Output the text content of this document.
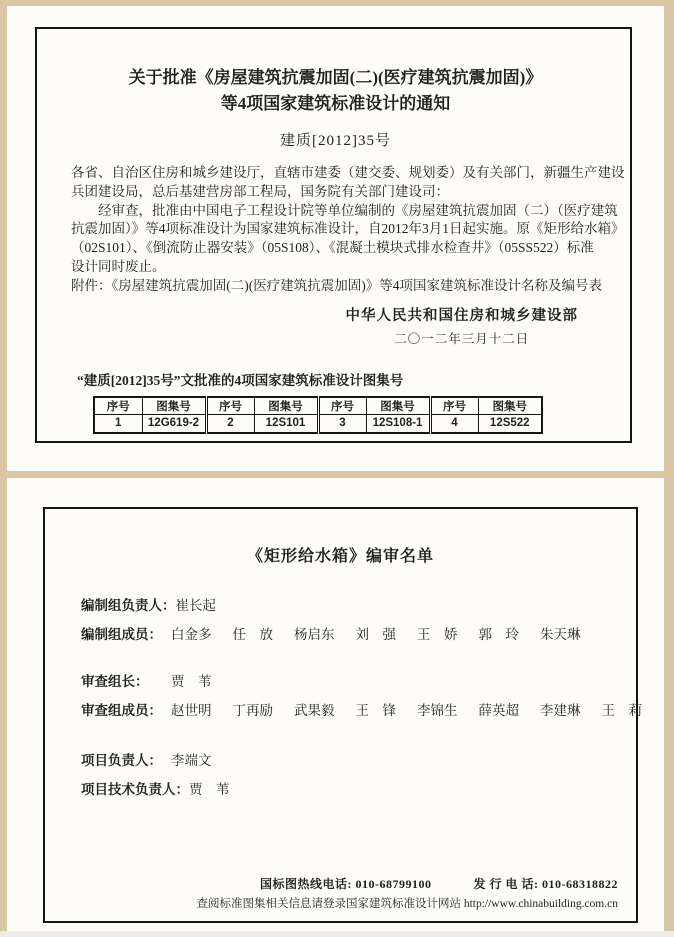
关于批准《房屋建筑抗震加固(二)(医疗建筑抗震加固)》
等4项国家建筑标准设计的通知
建质[2012]35号
各省、自治区住房和城乡建设厅，直辖市建委（建交委、规划委）及有关部门，新疆生产建设
兵团建设局，总后基建营房部工程局，国务院有关部门建设司：
　　经审查，批准由中国电子工程设计院等单位编制的《房屋建筑抗震加固（二）（医疗建筑
抗震加固）》等4项标准设计为国家建筑标准设计，自2012年3月1日起实施。原《矩形给水箱》
（02S101）、《倒流防止器安装》（05S108）、《混凝土模块式排水检查井》（05SS522）标准
设计同时废止。
附件：《房屋建筑抗震加固(二)(医疗建筑抗震加固)》等4项国家建筑标准设计名称及编号表
中华人民共和国住房和城乡建设部
二〇一二年三月十二日
“建质[2012]35号”文批准的4项国家建筑标准设计图集号
序号	图集号	序号	图集号	序号	图集号	序号	图集号
1	12G619-2	2	12S101	3	12S108-1	4	12S522
《矩形给水箱》编审名单
编制组负责人： 崔长起
编制组成员： 白金多 任　放 杨启东 刘　强 王　娇 郭　玲 朱天琳
审查组长：	贾　苇
审查组成员： 赵世明 丁再励 武果毅 王　锋 李锦生 薛英超 李建琳 王　莉
项目负责人： 李端文
项目技术负责人： 贾　苇
国标图热线电话: 010-68799100	发 行 电 话: 010-68318822
查阅标准图集相关信息请登录国家建筑标准设计网站 http://www.chinabuilding.com.cn
